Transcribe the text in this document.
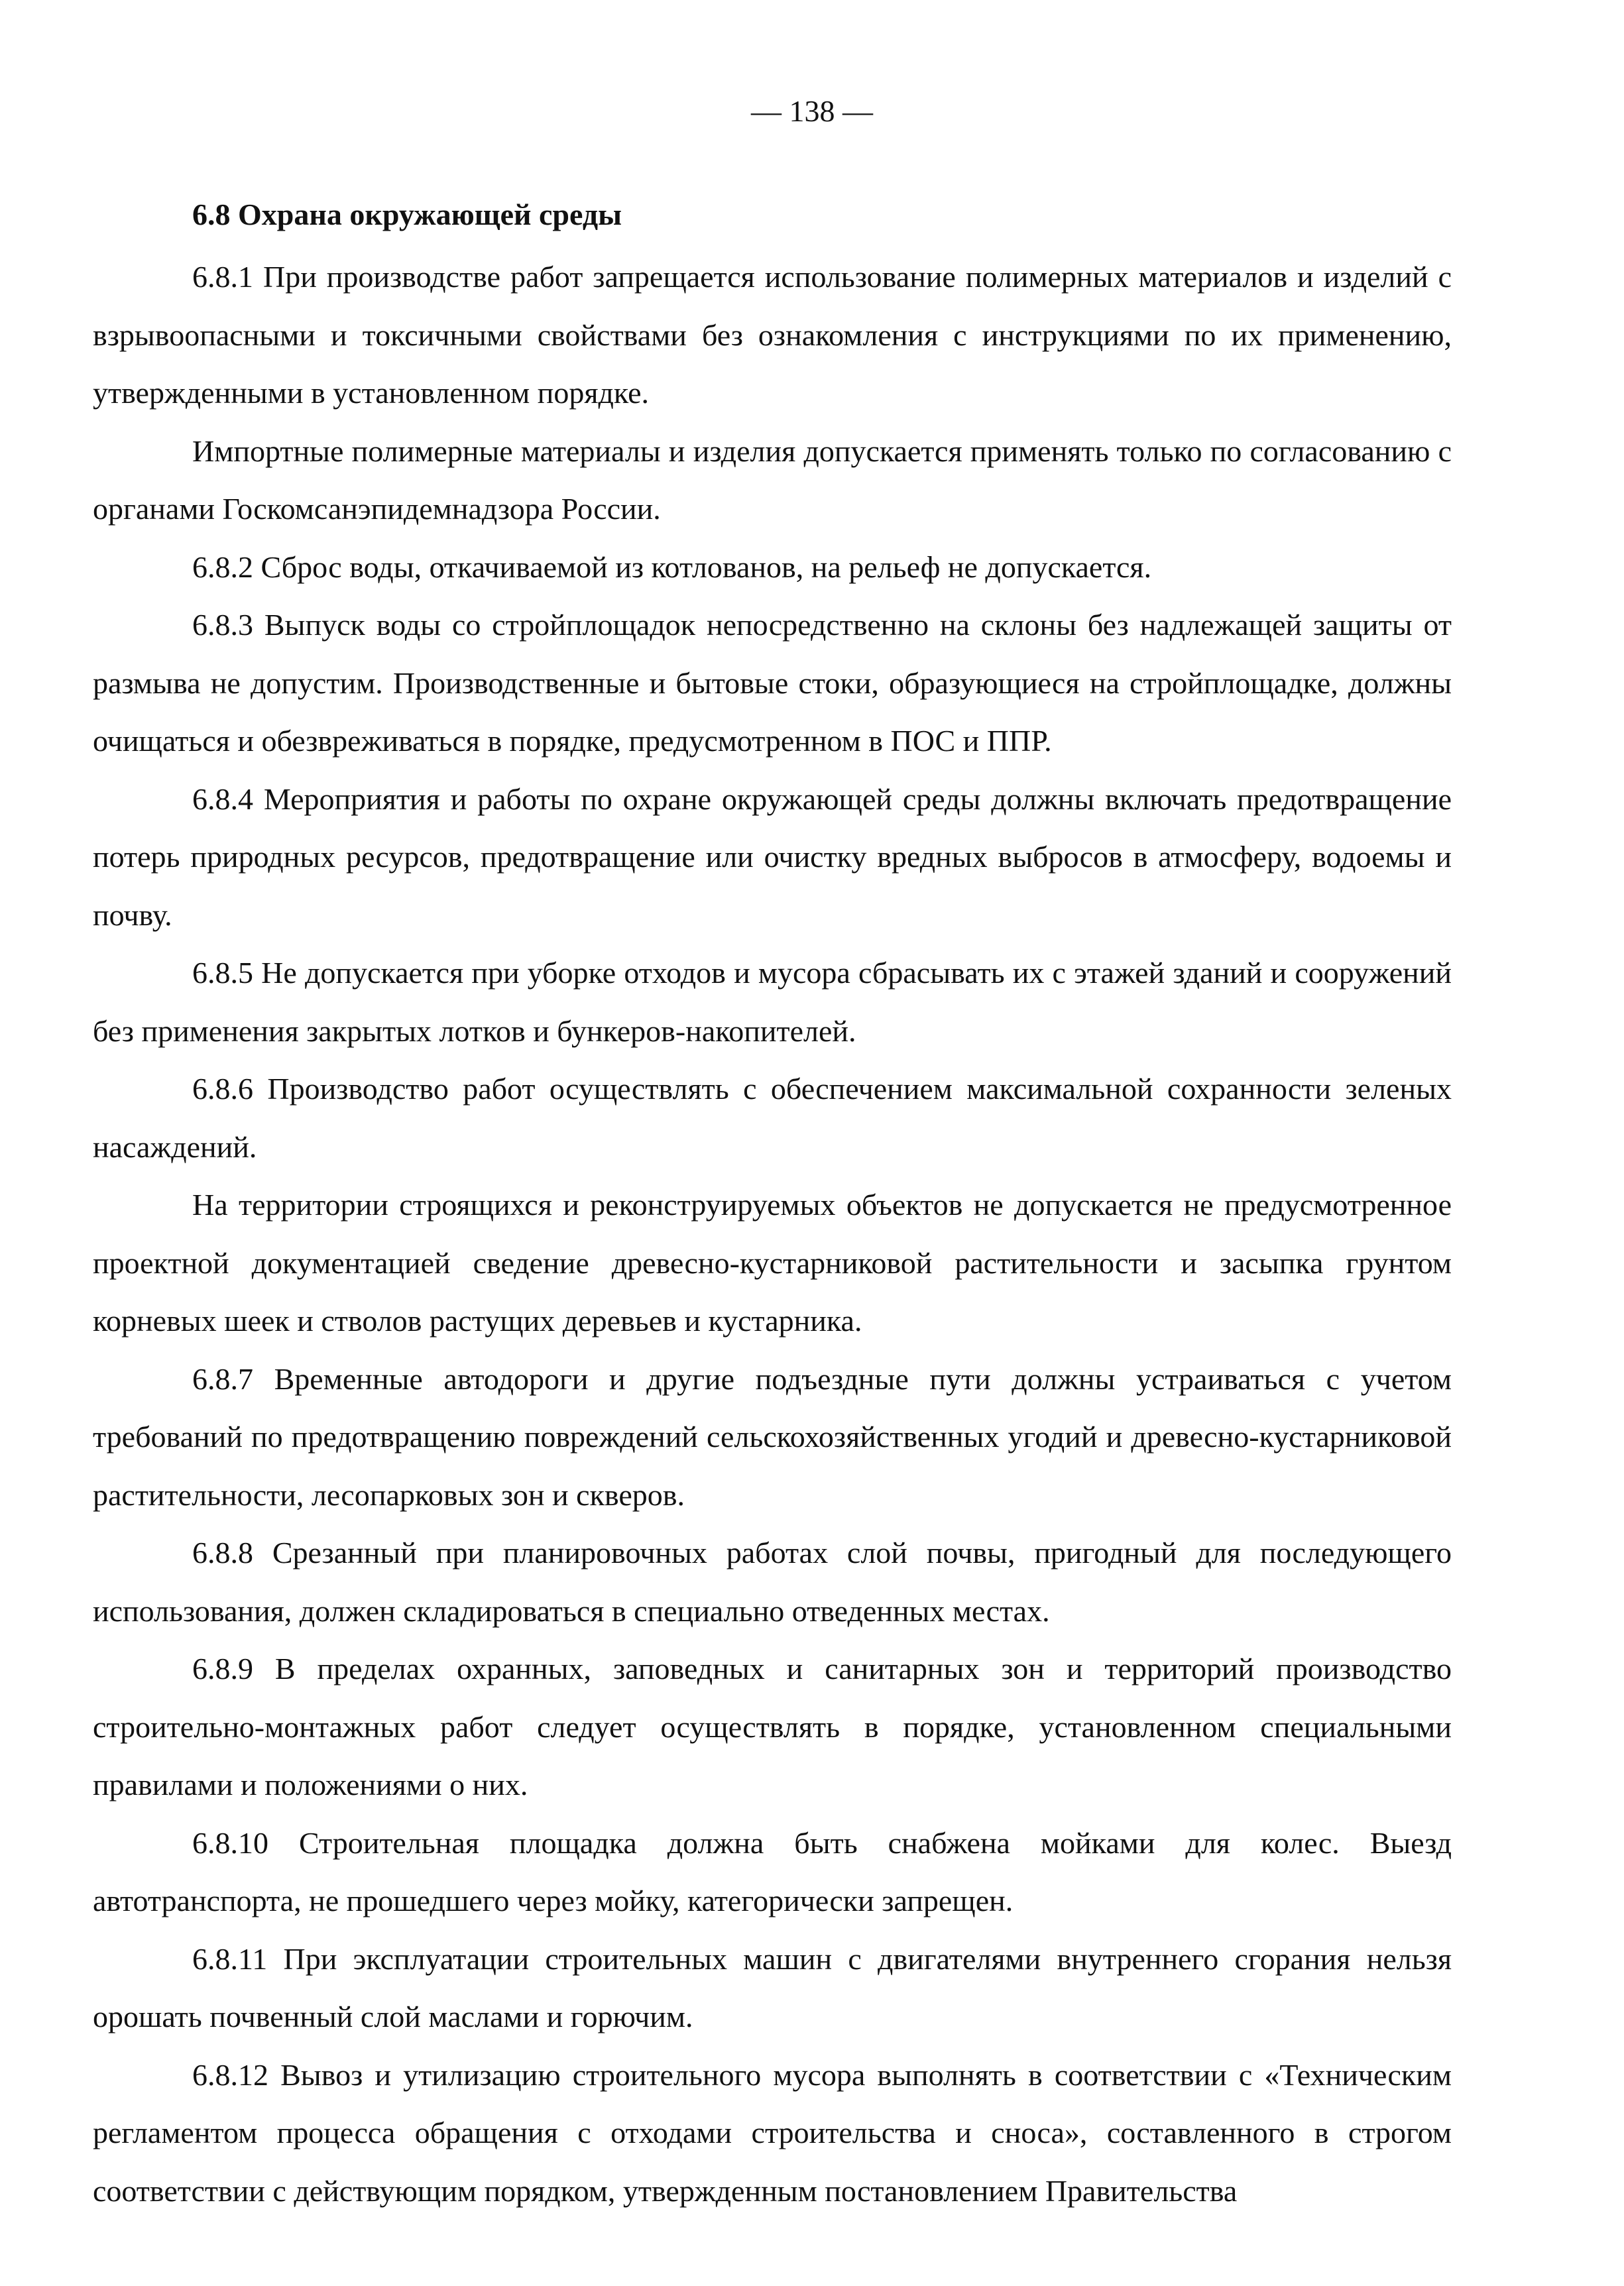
— 138 —
6.8 Охрана окружающей среды

6.8.1 При производстве работ запрещается использование полимерных материалов и изделий с взрывоопасными и токсичными свойствами без ознакомления с инструкциями по их применению, утвержденными в установленном порядке.

Импортные полимерные материалы и изделия допускается применять только по согласованию с органами Госкомсанэпидемнадзора России.

6.8.2 Сброс воды, откачиваемой из котлованов, на рельеф не допускается.

6.8.3 Выпуск воды со стройплощадок непосредственно на склоны без надлежащей защиты от размыва не допустим. Производственные и бытовые стоки, образующиеся на стройплощадке, должны очищаться и обезвреживаться в порядке, предусмотренном в ПОС и ППР.

6.8.4 Мероприятия и работы по охране окружающей среды должны включать предотвращение потерь природных ресурсов, предотвращение или очистку вредных выбросов в атмосферу, водоемы и почву.

6.8.5 Не допускается при уборке отходов и мусора сбрасывать их с этажей зданий и сооружений без применения закрытых лотков и бункеров-накопителей.

6.8.6 Производство работ осуществлять с обеспечением максимальной сохранности зеленых насаждений.

На территории строящихся и реконструируемых объектов не допускается не предусмотренное проектной документацией сведение древесно-кустарниковой растительности и засыпка грунтом корневых шеек и стволов растущих деревьев и кустарника.

6.8.7 Временные автодороги и другие подъездные пути должны устраиваться с учетом требований по предотвращению повреждений сельскохозяйственных угодий и древесно-кустарниковой растительности, лесопарковых зон и скверов.

6.8.8 Срезанный при планировочных работах слой почвы, пригодный для последующего использования, должен складироваться в специально отведенных местах.

6.8.9 В пределах охранных, заповедных и санитарных зон и территорий производство строительно-монтажных работ следует осуществлять в порядке, установленном специальными правилами и положениями о них.

6.8.10 Строительная площадка должна быть снабжена мойками для колес. Выезд автотранспорта, не прошедшего через мойку, категорически запрещен.

6.8.11 При эксплуатации строительных машин с двигателями внутреннего сгорания нельзя орошать почвенный слой маслами и горючим.

6.8.12 Вывоз и утилизацию строительного мусора выполнять в соответствии с «Техническим регламентом процесса обращения с отходами строительства и сноса», составленного в строгом соответствии с действующим порядком, утвержденным постановлением Правительства
